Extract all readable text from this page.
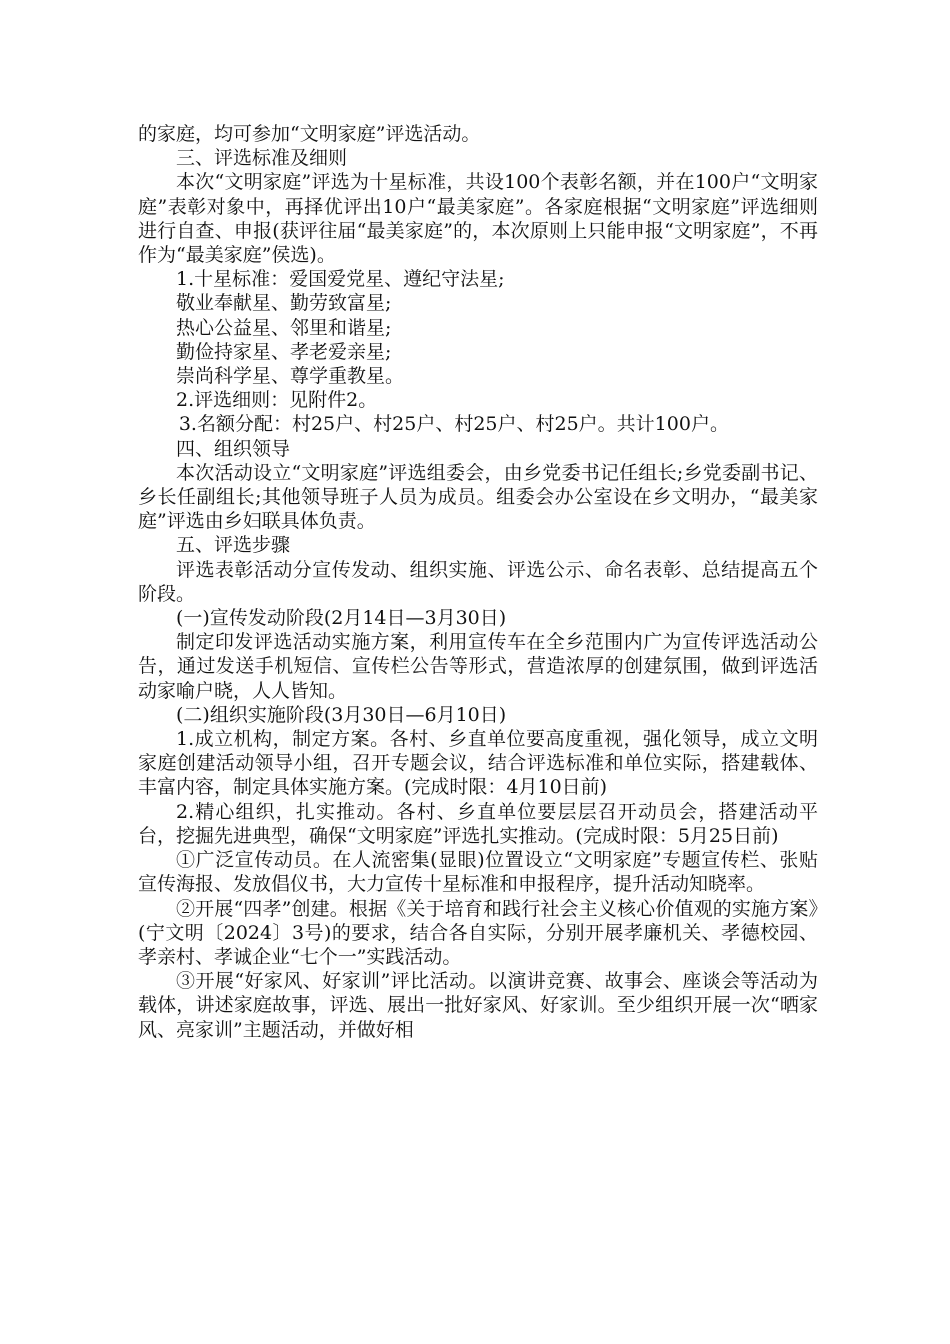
的家庭，均可参加“文明家庭”评选活动。

三、评选标准及细则

本次“文明家庭”评选为十星标准，共设100个表彰名额，并在100户“文明家庭”表彰对象中，再择优评出10户“最美家庭”。各家庭根据“文明家庭”评选细则进行自查、申报(获评往届“最美家庭”的，本次原则上只能申报“文明家庭”，不再作为“最美家庭”侯选)。

1.十星标准：爱国爱党星、遵纪守法星;

敬业奉献星、勤劳致富星;

热心公益星、邻里和谐星;

勤俭持家星、孝老爱亲星;

崇尚科学星、尊学重教星。

2.评选细则：见附件2。

3.名额分配：村25户、村25户、村25户、村25户。共计100户。

四、组织领导

本次活动设立“文明家庭”评选组委会，由乡党委书记任组长;乡党委副书记、乡长任副组长;其他领导班子人员为成员。组委会办公室设在乡文明办，“最美家庭”评选由乡妇联具体负责。

五、评选步骤

评选表彰活动分宣传发动、组织实施、评选公示、命名表彰、总结提高五个阶段。

(一)宣传发动阶段(2月14日—3月30日)

制定印发评选活动实施方案，利用宣传车在全乡范围内广为宣传评选活动公告，通过发送手机短信、宣传栏公告等形式，营造浓厚的创建氛围，做到评选活动家喻户晓，人人皆知。

(二)组织实施阶段(3月30日—6月10日)

1.成立机构，制定方案。各村、乡直单位要高度重视，强化领导，成立文明家庭创建活动领导小组，召开专题会议，结合评选标准和单位实际，搭建载体、丰富内容，制定具体实施方案。(完成时限：4月10日前)

2.精心组织，扎实推动。各村、乡直单位要层层召开动员会，搭建活动平台，挖掘先进典型，确保“文明家庭”评选扎实推动。(完成时限：5月25日前)

①广泛宣传动员。在人流密集(显眼)位置设立“文明家庭”专题宣传栏、张贴宣传海报、发放倡仪书，大力宣传十星标准和申报程序，提升活动知晓率。

②开展“四孝”创建。根据《关于培育和践行社会主义核心价值观的实施方案》(宁文明〔2024〕3号)的要求，结合各自实际，分别开展孝廉机关、孝德校园、孝亲村、孝诚企业“七个一”实践活动。

③开展“好家风、好家训”评比活动。以演讲竞赛、故事会、座谈会等活动为载体，讲述家庭故事，评选、展出一批好家风、好家训。至少组织开展一次“晒家风、亮家训”主题活动，并做好相
